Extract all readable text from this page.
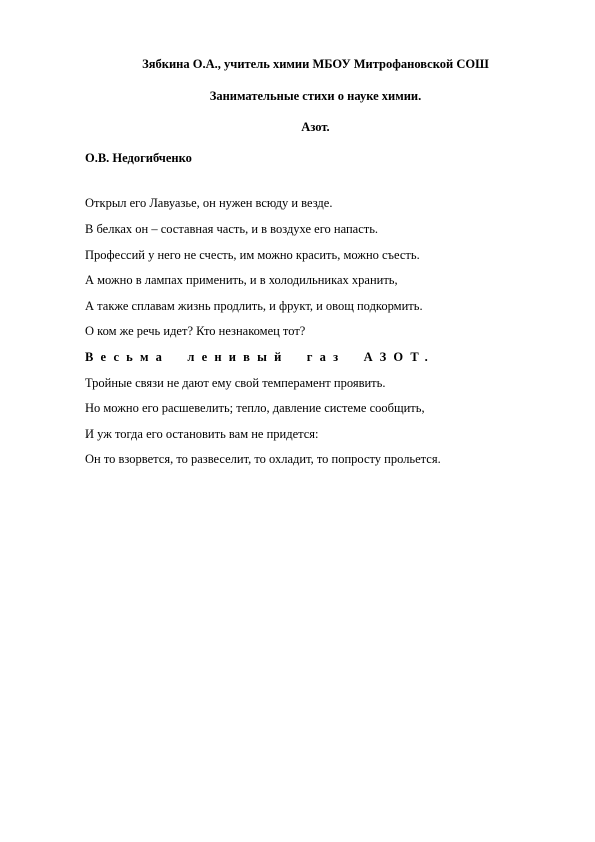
Зябкина О.А., учитель химии МБОУ Митрофановской СОШ
Занимательные стихи о науке химии.
Азот.
О.В. Недогибченко
Открыл его Лавуазье, он нужен всюду и везде.
В белках он – составная часть, и в воздухе его напасть.
Профессий у него не счесть, им можно красить, можно съесть.
А можно в лампах применить, и в холодильниках хранить,
А также сплавам жизнь продлить, и фрукт, и овощ подкормить.
О ком же речь идет? Кто незнакомец тот?
Весьма ленивый газ АЗОТ.
Тройные связи не дают ему свой темперамент проявить.
Но можно его расшевелить; тепло, давление системе сообщить,
И уж тогда его остановить вам не придется:
Он то взорвется, то развеселит, то охладит, то попросту прольется.
